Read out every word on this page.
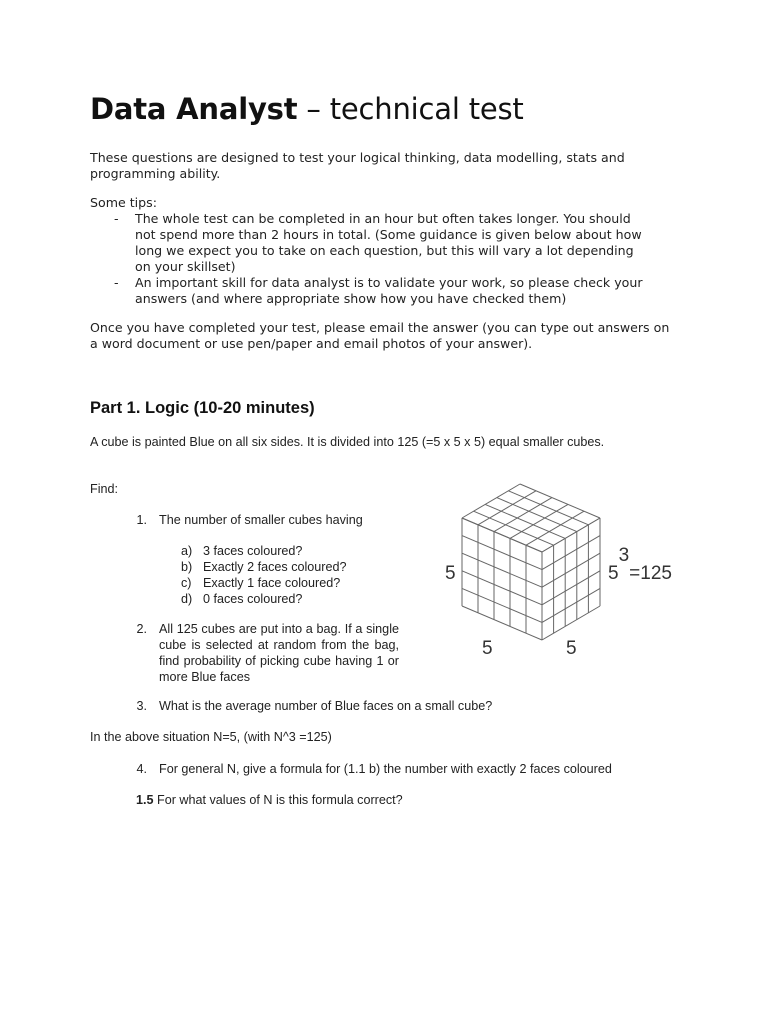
Data Analyst – technical test

These questions are designed to test your logical thinking, data modelling, stats and programming ability.

Some tips:

- The whole test can be completed in an hour but often takes longer. You should not spend more than 2 hours in total. (Some guidance is given below about how long we expect you to take on each question, but this will vary a lot depending on your skillset)
- An important skill for data analyst is to validate your work, so please check your answers (and where appropriate show how you have checked them)

Once you have completed your test, please email the answer (you can type out answers on a word document or use pen/paper and email photos of your answer).

Part 1. Logic (10-20 minutes)

A cube is painted Blue on all six sides. It is divided into 125 (=5 x 5 x 5) equal smaller cubes.

Find:

1. The number of smaller cubes having

a) 3 faces coloured?
b) Exactly 2 faces coloured?
c) Exactly 1 face coloured?
d) 0 faces coloured?
2. All 125 cubes are put into a bag. If a single cube is selected at random from the bag, find probability of picking cube having 1 or more Blue faces

3. What is the average number of Blue faces on a small cube?

In the above situation N=5, (with N^3 =125)

4. For general N, give a formula for (1.1 b) the number with exactly 2 faces coloured

1.5 For what values of N is this formula correct?

5	53=125
5	5
